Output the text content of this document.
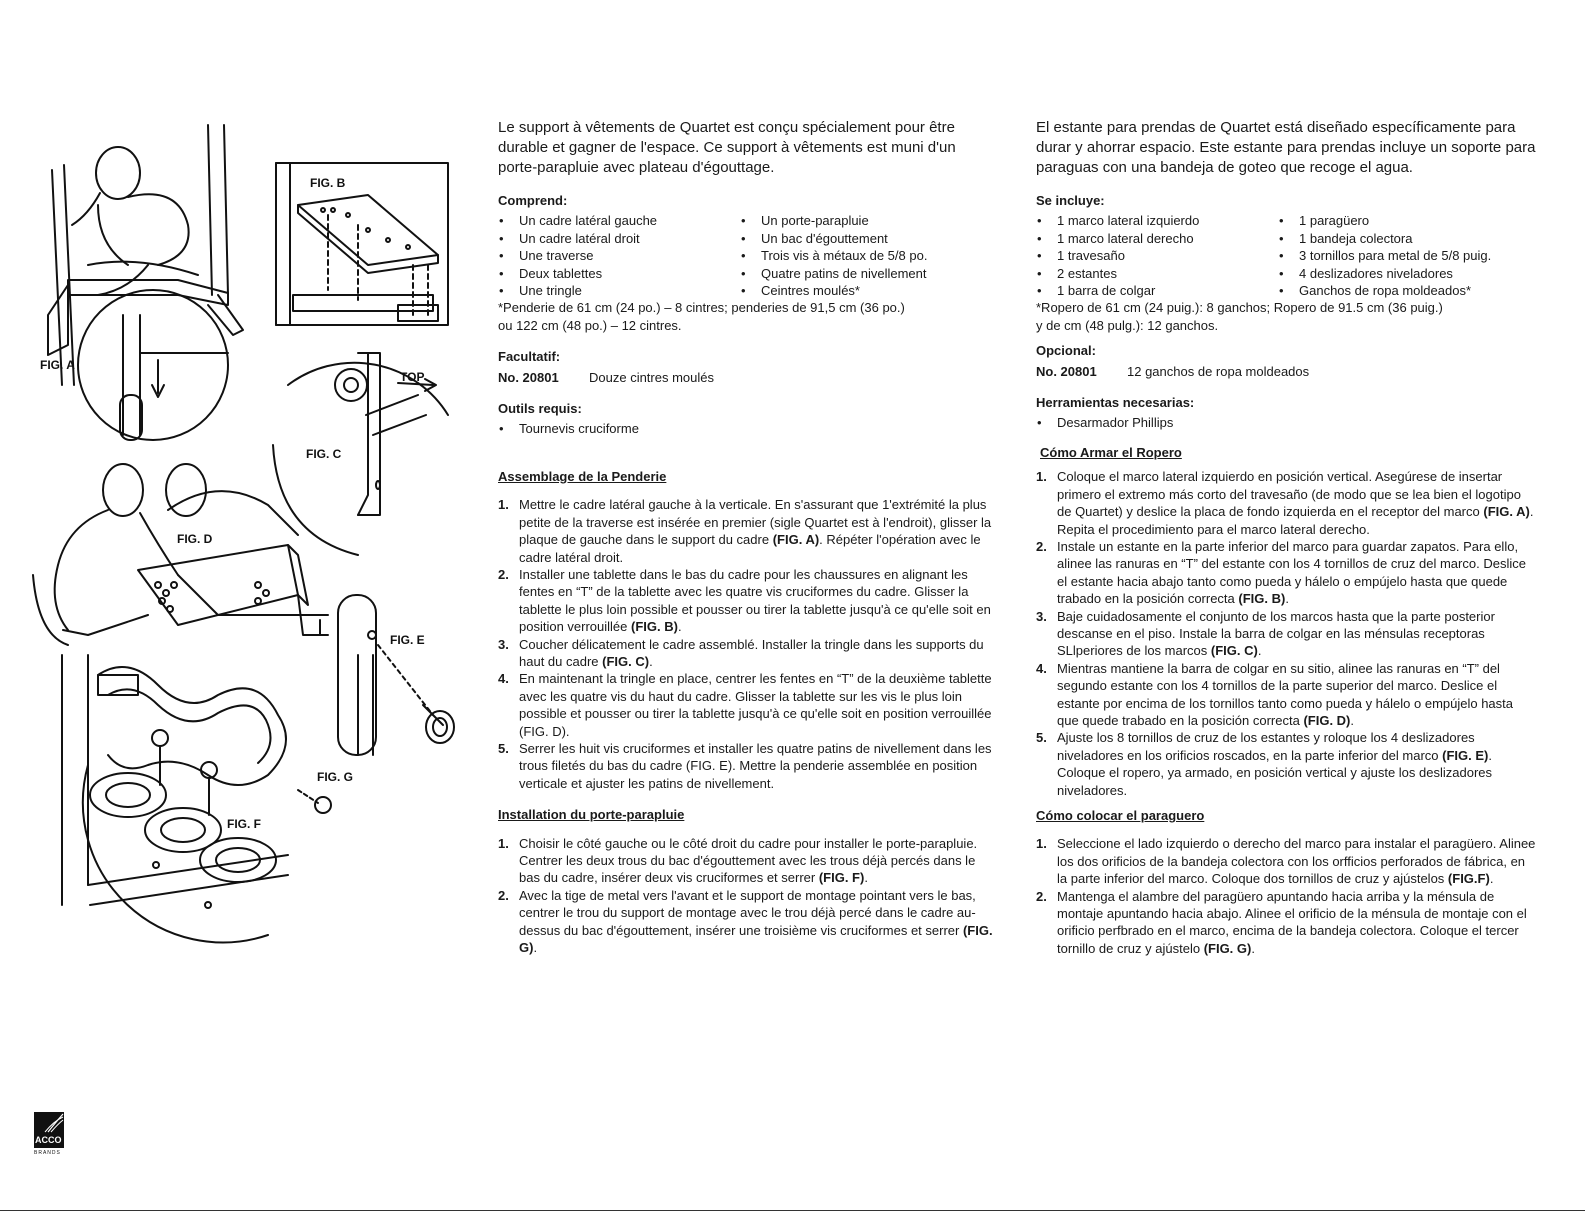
FIG. B
FIG. A
TOP
FIG. C
FIG. D
FIG. E
FIG. G
FIG. F

Le support à vêtements de Quartet est conçu spécialement pour être durable et gagner de l'espace. Ce support à vêtements est muni d'un porte-parapluie avec plateau d'égouttage.

Comprend:
• Un cadre latéral gauche
• Un cadre latéral droit
• Une traverse
• Deux tablettes
• Une tringle
• Un porte-parapluie
• Un bac d'égouttement
• Trois vis à métaux de 5/8 po.
• Quatre patins de nivellement
• Ceintres moulés*

*Penderie de 61 cm (24 po.) – 8 cintres; penderies de 91,5 cm (36 po.)

ou 122 cm (48 po.) – 12 cintres.

Facultatif:
No. 20801	Douze cintres moulés
Outils requis:
• Tournevis cruciforme
Assemblage de la Penderie
1. Mettre le cadre latéral gauche à la verticale. En s'assurant que 1'extrémité la plus petite de la traverse est insérée en premier (sigle Quartet est à l'endroit), glisser la plaque de gauche dans le support du cadre (FIG. A). Répéter l'opération avec le cadre latéral droit.
2. Installer une tablette dans le bas du cadre pour les chaussures en alignant les fentes en “T” de la tablette avec les quatre vis cruciformes du cadre. Glisser la tablette le plus loin possible et pousser ou tirer la tablette jusqu'à ce qu'elle soit en position verrouillée (FIG. B).
3. Coucher délicatement le cadre assemblé. Installer la tringle dans les supports du haut du cadre (FIG. C).
4. En maintenant la tringle en place, centrer les fentes en “T” de la deuxième tablette avec les quatre vis du haut du cadre. Glisser la tablette sur les vis le plus loin possible et pousser ou tirer la tablette jusqu'à ce qu'elle soit en position verrouillée (FIG. D).
5. Serrer les huit vis cruciformes et installer les quatre patins de nivellement dans les trous filetés du bas du cadre (FIG. E). Mettre la penderie assemblée en position verticale et ajuster les patins de nivellement.
Installation du porte-parapluie
1. Choisir le côté gauche ou le côté droit du cadre pour installer le porte-parapluie. Centrer les deux trous du bac d'égouttement avec les trous déjà percés dans le bas du cadre, insérer deux vis cruciformes et serrer (FIG. F).
2. Avec la tige de metal vers l'avant et le support de montage pointant vers le bas, centrer le trou du support de montage avec le trou déjà percé dans le cadre au-dessus du bac d'égouttement, insérer une troisième vis cruciformes et serrer (FIG. G).

El estante para prendas de Quartet está diseñado específicamente para durar y ahorrar espacio. Este estante para prendas incluye un soporte para paraguas con una bandeja de goteo que recoge el agua.

Se incluye:
• 1 marco lateral izquierdo
• 1 marco lateral derecho
• 1 travesaño
• 2 estantes
• 1 barra de colgar
• 1 paragüero
• 1 bandeja colectora
• 3 tornillos para metal de 5/8 puig.
• 4 deslizadores niveladores
• Ganchos de ropa moldeados*

*Ropero de 61 cm (24 puig.): 8 ganchos; Ropero de 91.5 cm (36 puig.)

y de cm (48 pulg.): 12 ganchos.

Opcional:
No. 20801	12 ganchos de ropa moldeados
Herramientas necesarias:
• Desarmador Phillips
Cómo Armar el Ropero
1. Coloque el marco lateral izquierdo en posición vertical. Asegúrese de insertar primero el extremo más corto del travesaño (de modo que se lea bien el logotipo de Quartet) y deslice la placa de fondo izquierda en el receptor del marco (FIG. A). Repita el procedimiento para el marco lateral derecho.
2. Instale un estante en la parte inferior del marco para guardar zapatos. Para ello, alinee las ranuras en “T” del estante con los 4 tornillos de cruz del marco. Deslice el estante hacia abajo tanto como pueda y hálelo o empújelo hasta que quede trabado en la posición correcta (FIG. B).
3. Baje cuidadosamente el conjunto de los marcos hasta que la parte posterior descanse en el piso. Instale la barra de colgar en las ménsulas receptoras SLlperiores de los marcos (FIG. C).
4. Mientras mantiene la barra de colgar en su sitio, alinee las ranuras en “T” del segundo estante con los 4 tornillos de la parte superior del marco. Deslice el estante por encima de los tornillos tanto como pueda y hálelo o empújelo hasta que quede trabado en la posición correcta (FIG. D).
5. Ajuste los 8 tornillos de cruz de los estantes y roloque los 4 deslizadores niveladores en los orificios roscados, en la parte inferior del marco (FIG. E). Coloque el ropero, ya armado, en posición vertical y ajuste los deslizadores niveladores.
Cómo colocar el paraguero
1. Seleccione el lado izquierdo o derecho del marco para instalar el paragüero. Alinee los dos orificios de la bandeja colectora con los orfficios perforados de fábrica, en la parte inferior del marco. Coloque dos tornillos de cruz y ajústelos (FIG.F).
2. Mantenga el alambre del paragüero apuntando hacia arriba y la ménsula de montaje apuntando hacia abajo. Alinee el orificio de la ménsula de montaje con el orificio perfbrado en el marco, encima de la bandeja colectora. Coloque el tercer tornillo de cruz y ajústelo (FIG. G).
ACCO
BRANDS
